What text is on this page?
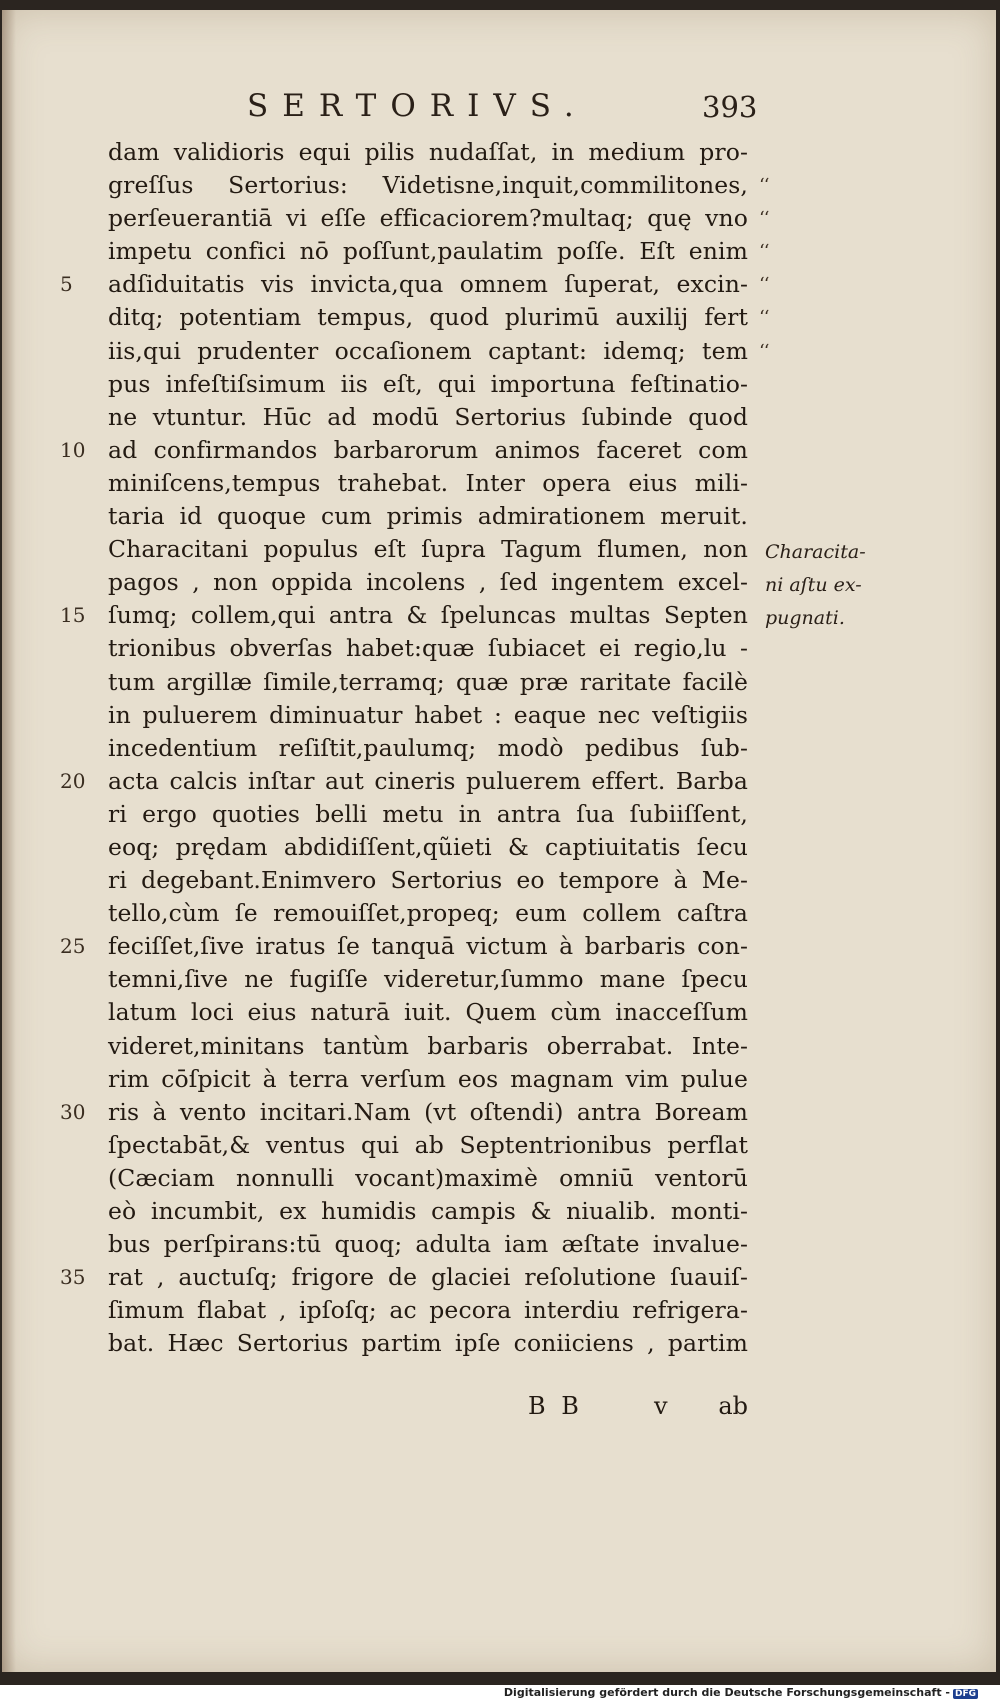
SERTORIVS.	393
5
10
15
20
25
30
35
dam validioris equi pilis nudaſſat, in medium pro-
greſſus Sertorius: Videtisne,inquit,commilitones,
perſeuerantiā vi eſſe efficaciorem?multaq; quę vno
impetu confici nō poſſunt,paulatim poſſe. Eſt enim
adſiduitatis vis invicta,qua omnem ſuperat, excin-
ditq; potentiam tempus, quod plurimū auxilij fert
iis,qui prudenter occaſionem captant: idemq; tem
pus infeſtiſsimum iis eſt, qui importuna feſtinatio-
ne vtuntur. Hūc ad modū Sertorius ſubinde quod
ad confirmandos barbarorum animos faceret com
miniſcens,tempus trahebat. Inter opera eius mili-
taria id quoque cum primis admirationem meruit.
Characitani populus eſt ſupra Tagum flumen, non
pagos , non oppida incolens , ſed ingentem excel-
ſumq; collem,qui antra & ſpeluncas multas Septen
trionibus obverſas habet:quæ ſubiacet ei regio,lu -
tum argillæ ſimile,terramq; quæ præ raritate facilè
in puluerem diminuatur habet : eaque nec veſtigiis
incedentium reſiſtit,paulumq; modò pedibus ſub-
acta calcis inſtar aut cineris puluerem effert. Barba
ri ergo quoties belli metu in antra ſua ſubiiſſent,
eoq; prędam abdidiſſent,qũieti & captiuitatis ſecu
ri degebant.Enimvero Sertorius eo tempore à Me-
tello,cùm ſe remouiſſet,propeq; eum collem caſtra
feciſſet,ſive iratus ſe tanquā victum à barbaris con-
temni,ſive ne fugiſſe videretur,ſummo mane ſpecu
latum loci eius naturā iuit. Quem cùm inacceſſum
videret,minitans tantùm barbaris oberrabat. Inte-
rim cōſpicit à terra verſum eos magnam vim pulue
ris à vento incitari.Nam (vt oſtendi) antra Boream
ſpectabāt,& ventus qui ab Septentrionibus perflat
(Cæciam nonnulli vocant)maximè omniū ventorū
eò incumbit, ex humidis campis & niualib. monti-
bus perſpirans:tū quoq; adulta iam æſtate invalue-
rat , auctuſq; frigore de glaciei reſolutione ſuauiſ-
ſimum flabat , ipſoſq; ac pecora interdiu refrigera-
bat. Hæc Sertorius partim ipſe coniiciens , partim
‘‘
‘‘
‘‘
‘‘
‘‘
‘‘
Characita-
ni aſtu ex-
pugnati.
B B	v ab
Digitalisierung gefördert durch die Deutsche Forschungsgemeinschaft - DFG
